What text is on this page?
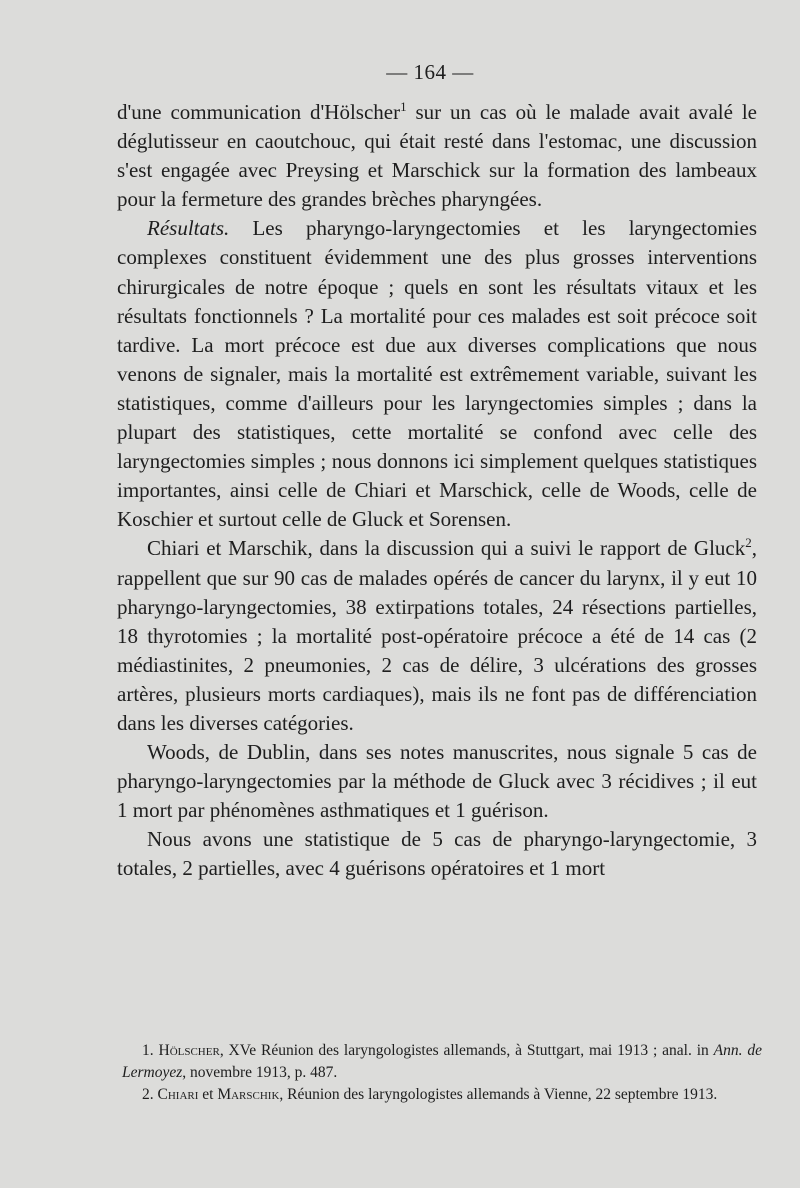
— 164 —

d'une communication d'Hölscher$^1$ sur un cas où le malade avait avalé le déglutisseur en caoutchouc, qui était resté dans l'estomac, une discussion s'est engagée avec Preysing et Marschick sur la formation des lambeaux pour la fermeture des grandes brèches pharyngées.

Résultats. Les pharyngo-laryngectomies et les laryngectomies complexes constituent évidemment une des plus grosses interventions chirurgicales de notre époque ; quels en sont les résultats vitaux et les résultats fonctionnels ? La mortalité pour ces malades est soit précoce soit tardive. La mort précoce est due aux diverses complications que nous venons de signaler, mais la mortalité est extrêmement variable, suivant les statistiques, comme d'ailleurs pour les laryngectomies simples ; dans la plupart des statistiques, cette mortalité se confond avec celle des laryngectomies simples ; nous donnons ici simplement quelques statistiques importantes, ainsi celle de Chiari et Marschick, celle de Woods, celle de Koschier et surtout celle de Gluck et Sorensen.

Chiari et Marschik, dans la discussion qui a suivi le rapport de Gluck$^2$, rappellent que sur 90 cas de malades opérés de cancer du larynx, il y eut 10 pharyngo-laryngectomies, 38 extirpations totales, 24 résections partielles, 18 thyrotomies ; la mortalité post-opératoire précoce a été de 14 cas (2 médiastinites, 2 pneumonies, 2 cas de délire, 3 ulcérations des grosses artères, plusieurs morts cardiaques), mais ils ne font pas de différenciation dans les diverses catégories.

Woods, de Dublin, dans ses notes manuscrites, nous signale 5 cas de pharyngo-laryngectomies par la méthode de Gluck avec 3 récidives ; il eut 1 mort par phénomènes asthmatiques et 1 guérison.

Nous avons une statistique de 5 cas de pharyngo-laryngectomie, 3 totales, 2 partielles, avec 4 guérisons opératoires et 1 mort

1. Hölscher, XVe Réunion des laryngologistes allemands, à Stuttgart, mai 1913 ; anal. in Ann. de Lermoyez, novembre 1913, p. 487.

2. Chiari et Marschik, Réunion des laryngologistes allemands à Vienne, 22 septembre 1913.
